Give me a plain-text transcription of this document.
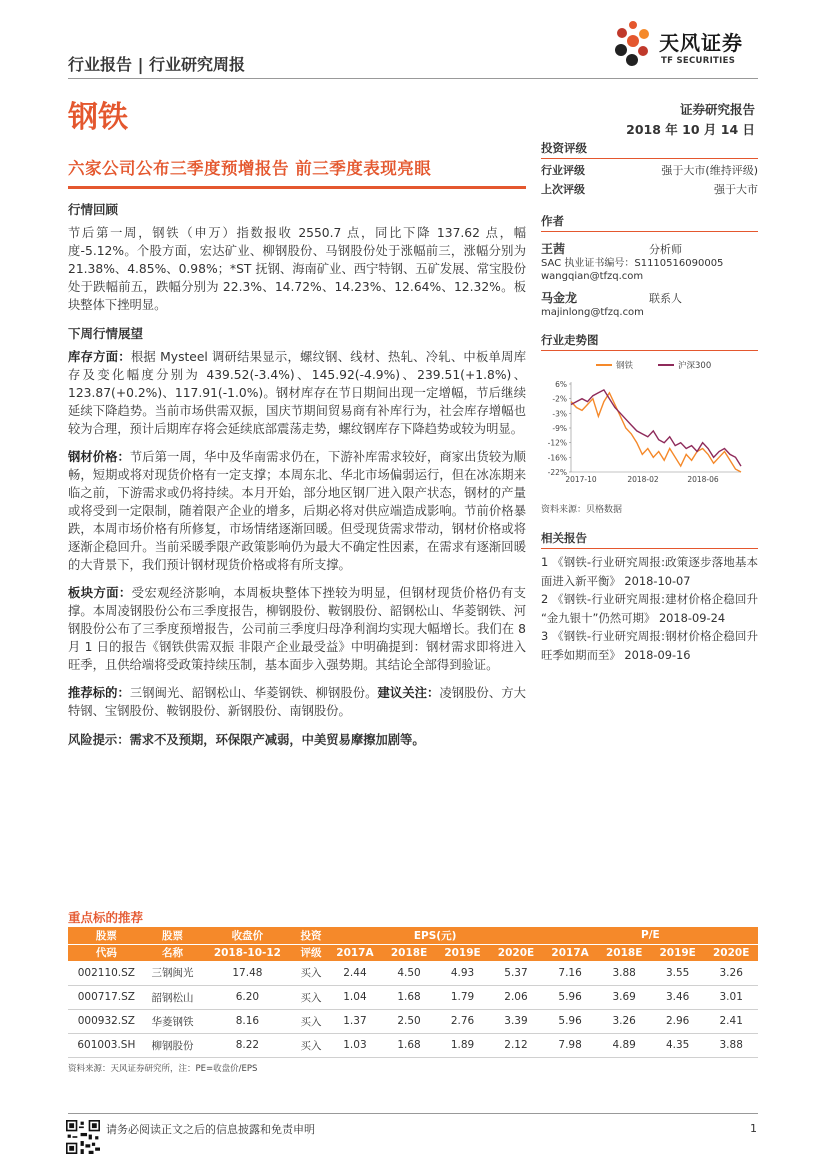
天风证券
TF SECURITIES
行业报告 | 行业研究周报
钢铁	证券研究报告
2018 年 10 月 14 日
六家公司公布三季度预增报告 前三季度表现亮眼
行情回顾

节后第一周，钢铁（申万）指数报收 2550.7 点，同比下降 137.62 点，幅度-5.12%。个股方面，宏达矿业、柳钢股份、马钢股份处于涨幅前三，涨幅分别为 21.38%、4.85%、0.98%；*ST 抚钢、海南矿业、西宁特钢、五矿发展、常宝股份处于跌幅前五，跌幅分别为 22.3%、14.72%、14.23%、12.64%、12.32%。板块整体下挫明显。

下周行情展望

库存方面：根据 Mysteel 调研结果显示，螺纹钢、线材、热轧、冷轧、中板单周库存及变化幅度分别为 439.52(-3.4%)、145.92(-4.9%)、239.51(+1.8%)、123.87(+0.2%)、117.91(-1.0%)。钢材库存在节日期间出现一定增幅，节后继续延续下降趋势。当前市场供需双振，国庆节期间贸易商有补库行为，社会库存增幅也较为合理，预计后期库存将会延续底部震荡走势，螺纹钢库存下降趋势或较为明显。

钢材价格：节后第一周，华中及华南需求仍在，下游补库需求较好，商家出货较为顺畅，短期或将对现货价格有一定支撑；本周东北、华北市场偏弱运行，但在冰冻期来临之前，下游需求或仍将持续。本月开始，部分地区钢厂进入限产状态，钢材的产量或将受到一定限制，随着限产企业的增多，后期必将对供应端造成影响。节前价格暴跌，本周市场价格有所修复，市场情绪逐渐回暖。但受现货需求带动，钢材价格或将逐渐企稳回升。当前采暖季限产政策影响仍为最大不确定性因素，在需求有逐渐回暖的大背景下，我们预计钢材现货价格或将有所支撑。

板块方面：受宏观经济影响，本周板块整体下挫较为明显，但钢材现货价格仍有支撑。本周凌钢股份公布三季度报告，柳钢股份、鞍钢股份、韶钢松山、华菱钢铁、河钢股份公布了三季度预增报告，公司前三季度归母净利润均实现大幅增长。我们在 8 月 1 日的报告《钢铁供需双振 非限产企业最受益》中明确提到：钢材需求即将进入旺季，且供给端将受政策持续压制，基本面步入强势期。其结论全部得到验证。

推荐标的：三钢闽光、韶钢松山、华菱钢铁、柳钢股份。建议关注：凌钢股份、方大特钢、宝钢股份、鞍钢股份、新钢股份、南钢股份。

风险提示：需求不及预期，环保限产减弱，中美贸易摩擦加剧等。

投资评级
行业评级	强于大市(维持评级)
上次评级	强于大市
作者
王茜	分析师
SAC 执业证书编号：S1110516090005
wangqian@tfzq.com
马金龙	联系人
majinlong@tfzq.com
行业走势图
钢铁	沪深300
6%
-2%
-3%
-9%
-12%
-16%
-22%
2017-10	2018-02	2018-06
资料来源：贝格数据
相关报告
1 《钢铁-行业研究周报:政策逐步落地基本面进入新平衡》 2018-10-07
2 《钢铁-行业研究周报:建材价格企稳回升 “金九银十”仍然可期》 2018-09-24
3 《钢铁-行业研究周报:钢材价格企稳回升 旺季如期而至》 2018-09-16
重点标的推荐
股票	股票	收盘价	投资	EPS(元)				P/E			
代码	名称	2018-10-12	评级	2017A	2018E	2019E	2020E	2017A	2018E	2019E	2020E
002110.SZ	三钢闽光	17.48	买入	2.44	4.50	4.93	5.37	7.16	3.88	3.55	3.26
000717.SZ	韶钢松山	6.20	买入	1.04	1.68	1.79	2.06	5.96	3.69	3.46	3.01
000932.SZ	华菱钢铁	8.16	买入	1.37	2.50	2.76	3.39	5.96	3.26	2.96	2.41
601003.SH	柳钢股份	8.22	买入	1.03	1.68	1.89	2.12	7.98	4.89	4.35	3.88
资料来源：天风证券研究所，注：PE=收盘价/EPS
请务必阅读正文之后的信息披露和免责申明	1
